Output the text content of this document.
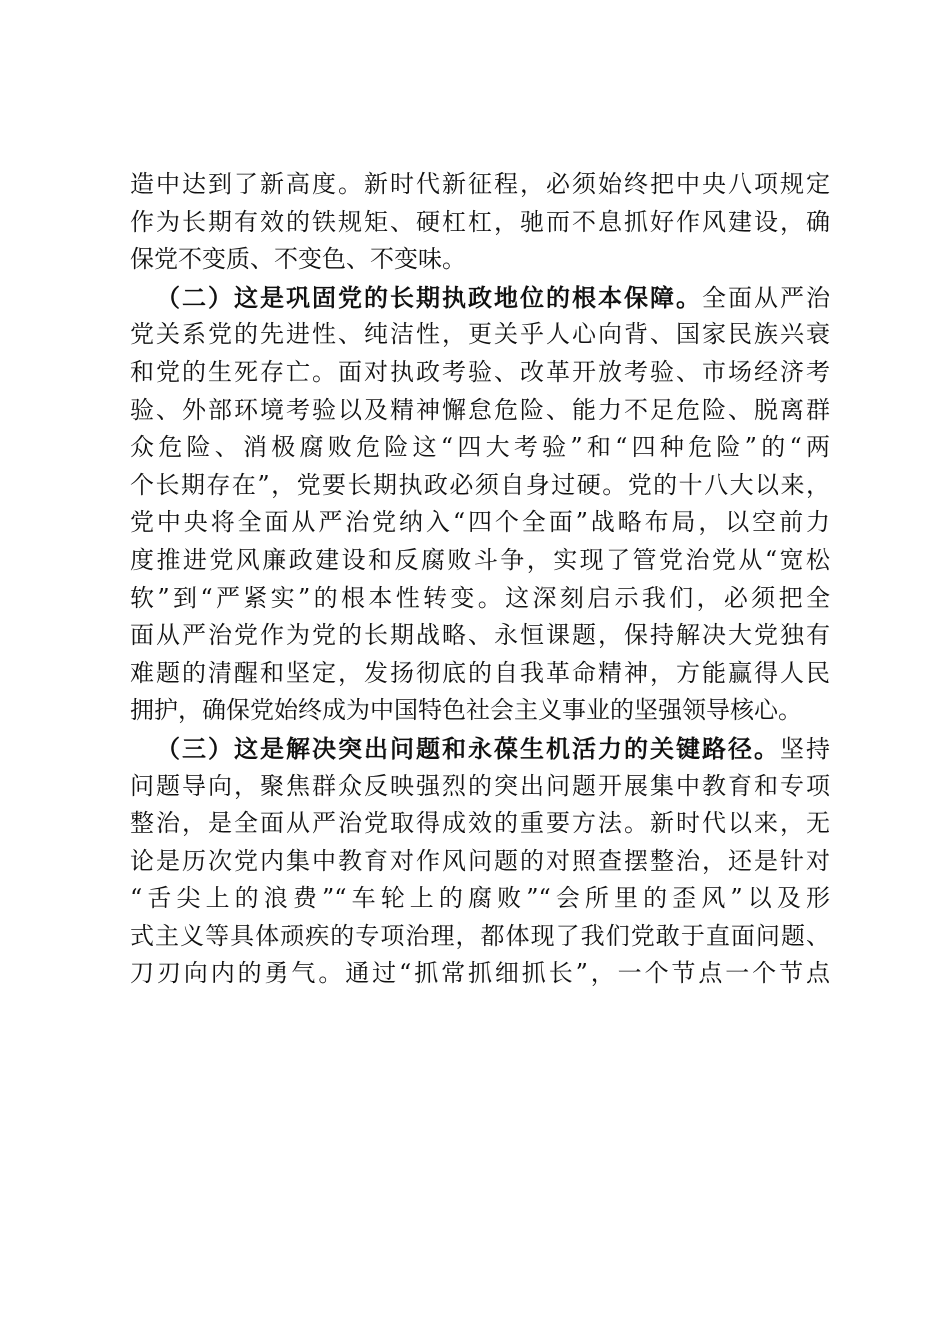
造中达到了新高度。新时代新征程，必须始终把中央八项规定
作为长期有效的铁规矩、硬杠杠，驰而不息抓好作风建设，确
保党不变质、不变色、不变味。
（二）这是巩固党的长期执政地位的根本保障。全面从严治
党关系党的先进性、纯洁性，更关乎人心向背、国家民族兴衰
和党的生死存亡。面对执政考验、改革开放考验、市场经济考
验、外部环境考验以及精神懈怠危险、能力不足危险、脱离群
众危险、消极腐败危险这“四大考验”和“四种危险”的“两
个长期存在”，党要长期执政必须自身过硬。党的十八大以来，
党中央将全面从严治党纳入“四个全面”战略布局，以空前力
度推进党风廉政建设和反腐败斗争，实现了管党治党从“宽松
软”到“严紧实”的根本性转变。这深刻启示我们，必须把全
面从严治党作为党的长期战略、永恒课题，保持解决大党独有
难题的清醒和坚定，发扬彻底的自我革命精神，方能赢得人民
拥护，确保党始终成为中国特色社会主义事业的坚强领导核心。
（三）这是解决突出问题和永葆生机活力的关键路径。坚持
问题导向，聚焦群众反映强烈的突出问题开展集中教育和专项
整治，是全面从严治党取得成效的重要方法。新时代以来，无
论是历次党内集中教育对作风问题的对照查摆整治，还是针对
“舌尖上的浪费”“车轮上的腐败”“会所里的歪风”以及形
式主义等具体顽疾的专项治理，都体现了我们党敢于直面问题、
刀刃向内的勇气。通过“抓常抓细抓长”，一个节点一个节点
